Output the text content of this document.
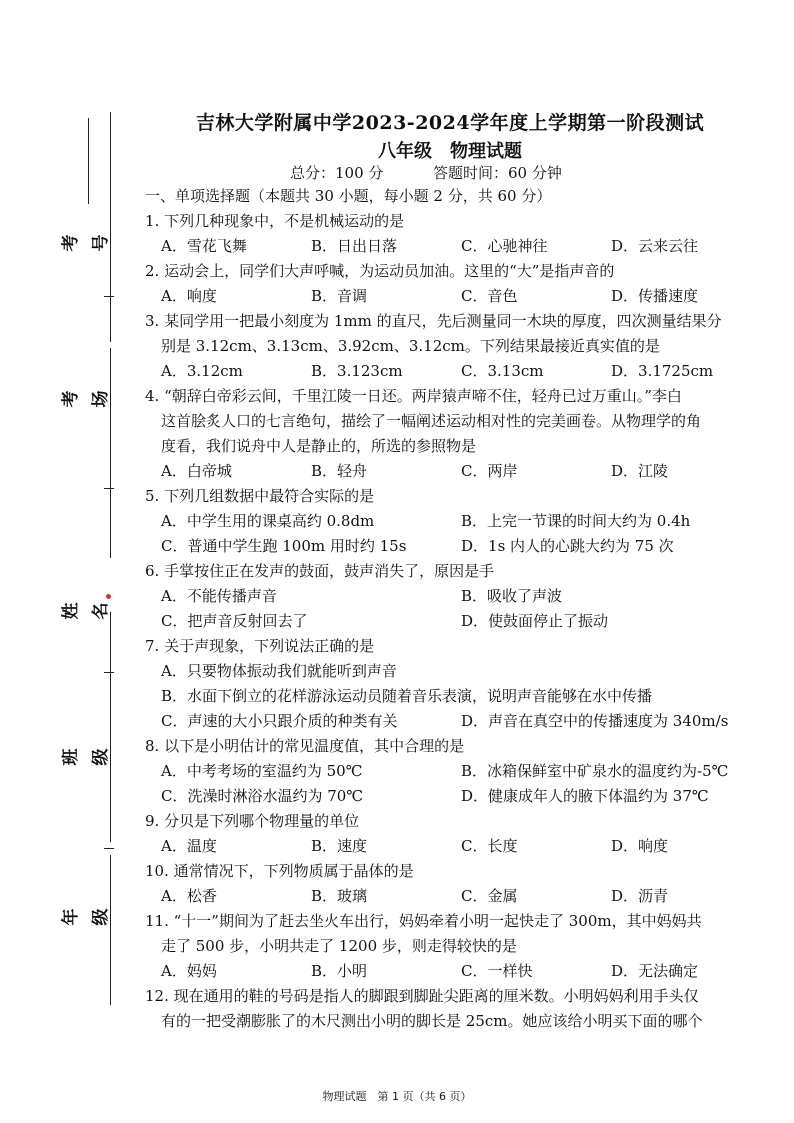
考号
考场
姓名
班级
年级
吉林大学附属中学2023-2024学年度上学期第一阶段测试
八年级　物理试题
总分：100 分	答题时间：60 分钟
一、单项选择题（本题共 30 小题，每小题 2 分，共 60 分）
1. 下列几种现象中，不是机械运动的是
A．雪花飞舞	B．日出日落	C．心驰神往	D．云来云往
2. 运动会上，同学们大声呼喊，为运动员加油。这里的“大”是指声音的
A．响度	B．音调	C．音色	D．传播速度
3. 某同学用一把最小刻度为 1mm 的直尺，先后测量同一木块的厚度，四次测量结果分
别是 3.12cm、3.13cm、3.92cm、3.12cm。下列结果最接近真实值的是
A．3.12cm	B．3.123cm	C．3.13cm	D．3.1725cm
4. “朝辞白帝彩云间，千里江陵一日还。两岸猿声啼不住，轻舟已过万重山。”李白
这首脍炙人口的七言绝句，描绘了一幅阐述运动相对性的完美画卷。从物理学的角
度看，我们说舟中人是静止的，所选的参照物是
A．白帝城	B．轻舟	C．两岸	D．江陵
5. 下列几组数据中最符合实际的是
A．中学生用的课桌高约 0.8dm	B．上完一节课的时间大约为 0.4h
C．普通中学生跑 100m 用时约 15s	D．1s 内人的心跳大约为 75 次
6. 手掌按住正在发声的鼓面，鼓声消失了，原因是手
A．不能传播声音	B．吸收了声波
C．把声音反射回去了	D．使鼓面停止了振动
7. 关于声现象，下列说法正确的是
A．只要物体振动我们就能听到声音
B．水面下倒立的花样游泳运动员随着音乐表演，说明声音能够在水中传播
C．声速的大小只跟介质的种类有关	D．声音在真空中的传播速度为 340m/s
8. 以下是小明估计的常见温度值，其中合理的是
A．中考考场的室温约为 50℃	B．冰箱保鲜室中矿泉水的温度约为-5℃
C．洗澡时淋浴水温约为 70℃	D．健康成年人的腋下体温约为 37℃
9. 分贝是下列哪个物理量的单位
A．温度	B．速度	C．长度	D．响度
10. 通常情况下，下列物质属于晶体的是
A．松香	B．玻璃	C．金属	D．沥青
11. “十一”期间为了赶去坐火车出行，妈妈牵着小明一起快走了 300m，其中妈妈共
走了 500 步，小明共走了 1200 步，则走得较快的是
A．妈妈	B．小明	C．一样快	D．无法确定
12. 现在通用的鞋的号码是指人的脚跟到脚趾尖距离的厘米数。小明妈妈利用手头仅
有的一把受潮膨胀了的木尺测出小明的脚长是 25cm。她应该给小明买下面的哪个
物理试题　第 1 页（共 6 页）
